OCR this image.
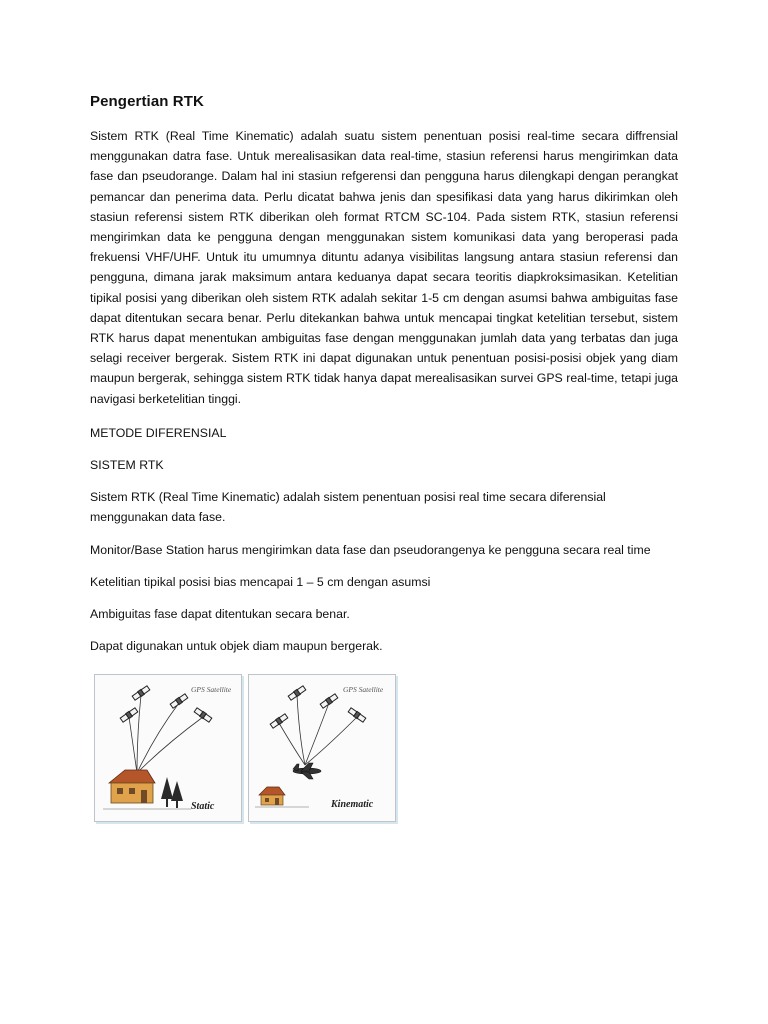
Pengertian RTK

Sistem RTK (Real Time Kinematic) adalah suatu sistem penentuan posisi real-time secara diffrensial menggunakan datra fase. Untuk merealisasikan data real-time, stasiun referensi harus mengirimkan data fase dan pseudorange. Dalam hal ini stasiun refgerensi dan pengguna harus dilengkapi dengan perangkat pemancar dan penerima data. Perlu dicatat bahwa jenis dan spesifikasi data yang harus dikirimkan oleh stasiun referensi sistem RTK diberikan oleh format RTCM SC-104. Pada sistem RTK, stasiun referensi mengirimkan data ke pengguna dengan menggunakan sistem komunikasi data yang beroperasi pada frekuensi VHF/UHF. Untuk itu umumnya dituntu adanya visibilitas langsung antara stasiun referensi dan pengguna, dimana jarak maksimum antara keduanya dapat secara teoritis diapkroksimasikan. Ketelitian tipikal posisi yang diberikan oleh sistem RTK adalah sekitar 1-5 cm dengan asumsi bahwa ambiguitas fase dapat ditentukan secara benar. Perlu ditekankan bahwa untuk mencapai tingkat ketelitian tersebut, sistem RTK harus dapat menentukan ambiguitas fase dengan menggunakan jumlah data yang terbatas dan juga selagi receiver bergerak. Sistem RTK ini dapat digunakan untuk penentuan posisi-posisi objek yang diam maupun bergerak, sehingga sistem RTK tidak hanya dapat merealisasikan survei GPS real-time, tetapi juga navigasi berketelitian tinggi.

METODE DIFERENSIAL

SISTEM RTK

Sistem RTK (Real Time Kinematic) adalah sistem penentuan posisi real time secara diferensial menggunakan data fase.

Monitor/Base Station harus mengirimkan data fase dan pseudorangenya ke pengguna secara real time

Ketelitian tipikal posisi bias mencapai 1 – 5 cm dengan asumsi

Ambiguitas fase dapat ditentukan secara benar.

Dapat digunakan untuk objek diam maupun bergerak.

GPS Satellite
Static
GPS Satellite
Kinematic
